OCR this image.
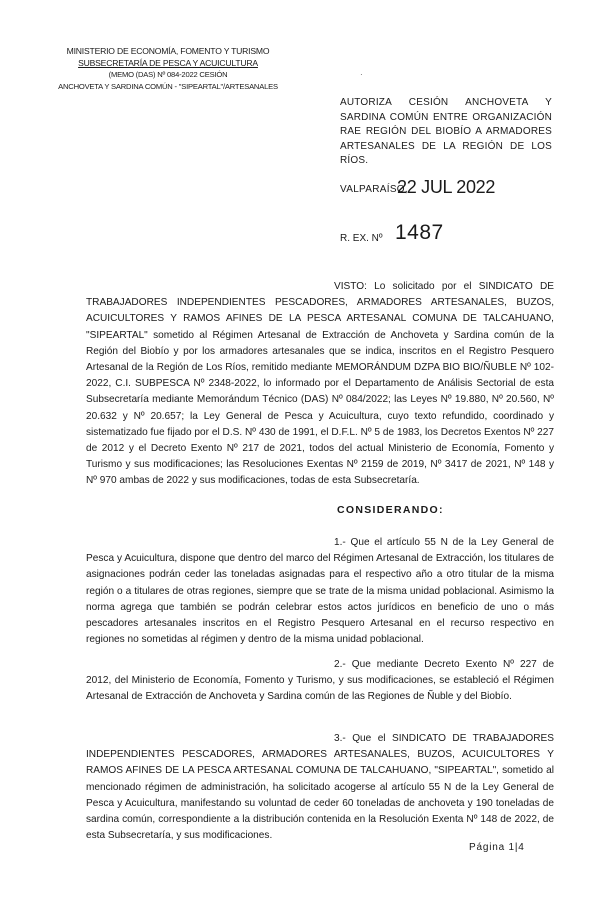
MINISTERIO DE ECONOMÍA, FOMENTO Y TURISMO
SUBSECRETARÍA DE PESCA Y ACUICULTURA
(MEMO (DAS) Nº 084-2022 CESIÓN
ANCHOVETA Y SARDINA COMÚN - "SIPEARTAL"/ARTESANALES
·
AUTORIZA CESIÓN ANCHOVETA Y SARDINA COMÚN ENTRE ORGANIZACIÓN RAE REGIÓN DEL BIOBÍO A ARMADORES ARTESANALES DE LA REGIÓN DE LOS RÍOS.
VALPARAÍSO,
22 JUL 2022
R. EX. Nº 1487
VISTO: Lo solicitado por el SINDICATO DE TRABAJADORES INDEPENDIENTES PESCADORES, ARMADORES ARTESANALES, BUZOS, ACUICULTORES Y RAMOS AFINES DE LA PESCA ARTESANAL COMUNA DE TALCAHUANO, "SIPEARTAL" sometido al Régimen Artesanal de Extracción de Anchoveta y Sardina común de la Región del Biobío y por los armadores artesanales que se indica, inscritos en el Registro Pesquero Artesanal de la Región de Los Ríos, remitido mediante MEMORÁNDUM DZPA BIO BIO/ÑUBLE Nº 102-2022, C.I. SUBPESCA Nº 2348-2022, lo informado por el Departamento de Análisis Sectorial de esta Subsecretaría mediante Memorándum Técnico (DAS) Nº 084/2022; las Leyes Nº 19.880, Nº 20.560, Nº 20.632 y Nº 20.657; la Ley General de Pesca y Acuicultura, cuyo texto refundido, coordinado y sistematizado fue fijado por el D.S. Nº 430 de 1991, el D.F.L. Nº 5 de 1983, los Decretos Exentos Nº 227 de 2012 y el Decreto Exento Nº 217 de 2021, todos del actual Ministerio de Economía, Fomento y Turismo y sus modificaciones; las Resoluciones Exentas Nº 2159 de 2019, Nº 3417 de 2021, Nº 148 y Nº 970 ambas de 2022 y sus modificaciones, todas de esta Subsecretaría.
CONSIDERANDO:
1.- Que el artículo 55 N de la Ley General de Pesca y Acuicultura, dispone que dentro del marco del Régimen Artesanal de Extracción, los titulares de asignaciones podrán ceder las toneladas asignadas para el respectivo año a otro titular de la misma región o a titulares de otras regiones, siempre que se trate de la misma unidad poblacional. Asimismo la norma agrega que también se podrán celebrar estos actos jurídicos en beneficio de uno o más pescadores artesanales inscritos en el Registro Pesquero Artesanal en el recurso respectivo en regiones no sometidas al régimen y dentro de la misma unidad poblacional.
2.- Que mediante Decreto Exento Nº 227 de 2012, del Ministerio de Economía, Fomento y Turismo, y sus modificaciones, se estableció el Régimen Artesanal de Extracción de Anchoveta y Sardina común de las Regiones de Ñuble y del Biobío.
3.- Que el SINDICATO DE TRABAJADORES INDEPENDIENTES PESCADORES, ARMADORES ARTESANALES, BUZOS, ACUICULTORES Y RAMOS AFINES DE LA PESCA ARTESANAL COMUNA DE TALCAHUANO, "SIPEARTAL", sometido al mencionado régimen de administración, ha solicitado acogerse al artículo 55 N de la Ley General de Pesca y Acuicultura, manifestando su voluntad de ceder 60 toneladas de anchoveta y 190 toneladas de sardina común, correspondiente a la distribución contenida en la Resolución Exenta Nº 148 de 2022, de esta Subsecretaría, y sus modificaciones.
Página 1|4
